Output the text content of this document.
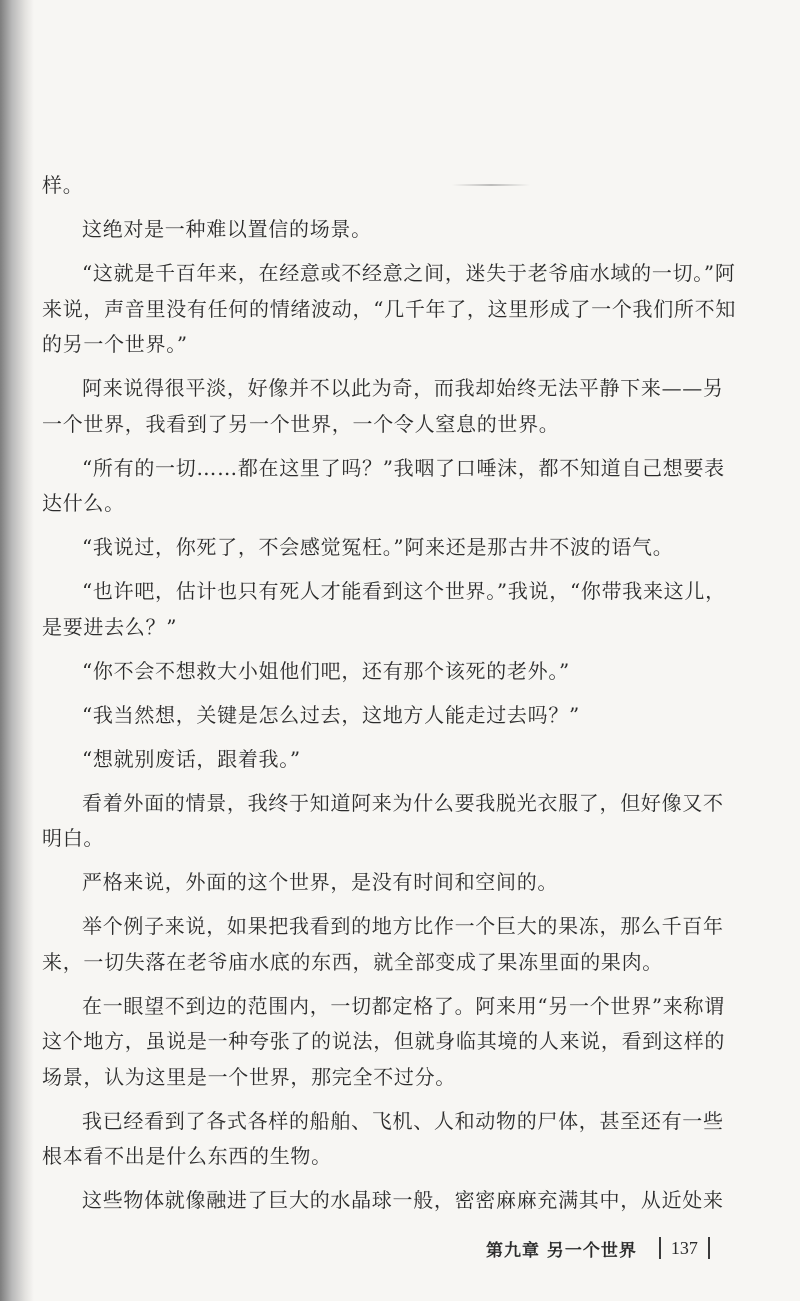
样。

这绝对是一种难以置信的场景。

“这就是千百年来，在经意或不经意之间，迷失于老爷庙水域的一切。”阿来说，声音里没有任何的情绪波动，“几千年了，这里形成了一个我们所不知的另一个世界。”

阿来说得很平淡，好像并不以此为奇，而我却始终无法平静下来——另一个世界，我看到了另一个世界，一个令人窒息的世界。

“所有的一切……都在这里了吗？”我咽了口唾沫，都不知道自己想要表达什么。

“我说过，你死了，不会感觉冤枉。”阿来还是那古井不波的语气。

“也许吧，估计也只有死人才能看到这个世界。”我说，“你带我来这儿，是要进去么？”

“你不会不想救大小姐他们吧，还有那个该死的老外。”

“我当然想，关键是怎么过去，这地方人能走过去吗？”

“想就别废话，跟着我。”

看着外面的情景，我终于知道阿来为什么要我脱光衣服了，但好像又不明白。

严格来说，外面的这个世界，是没有时间和空间的。

举个例子来说，如果把我看到的地方比作一个巨大的果冻，那么千百年来，一切失落在老爷庙水底的东西，就全部变成了果冻里面的果肉。

在一眼望不到边的范围内，一切都定格了。阿来用“另一个世界”来称谓这个地方，虽说是一种夸张了的说法，但就身临其境的人来说，看到这样的场景，认为这里是一个世界，那完全不过分。

我已经看到了各式各样的船舶、飞机、人和动物的尸体，甚至还有一些根本看不出是什么东西的生物。

这些物体就像融进了巨大的水晶球一般，密密麻麻充满其中，从近处来

第九章 另一个世界 137
